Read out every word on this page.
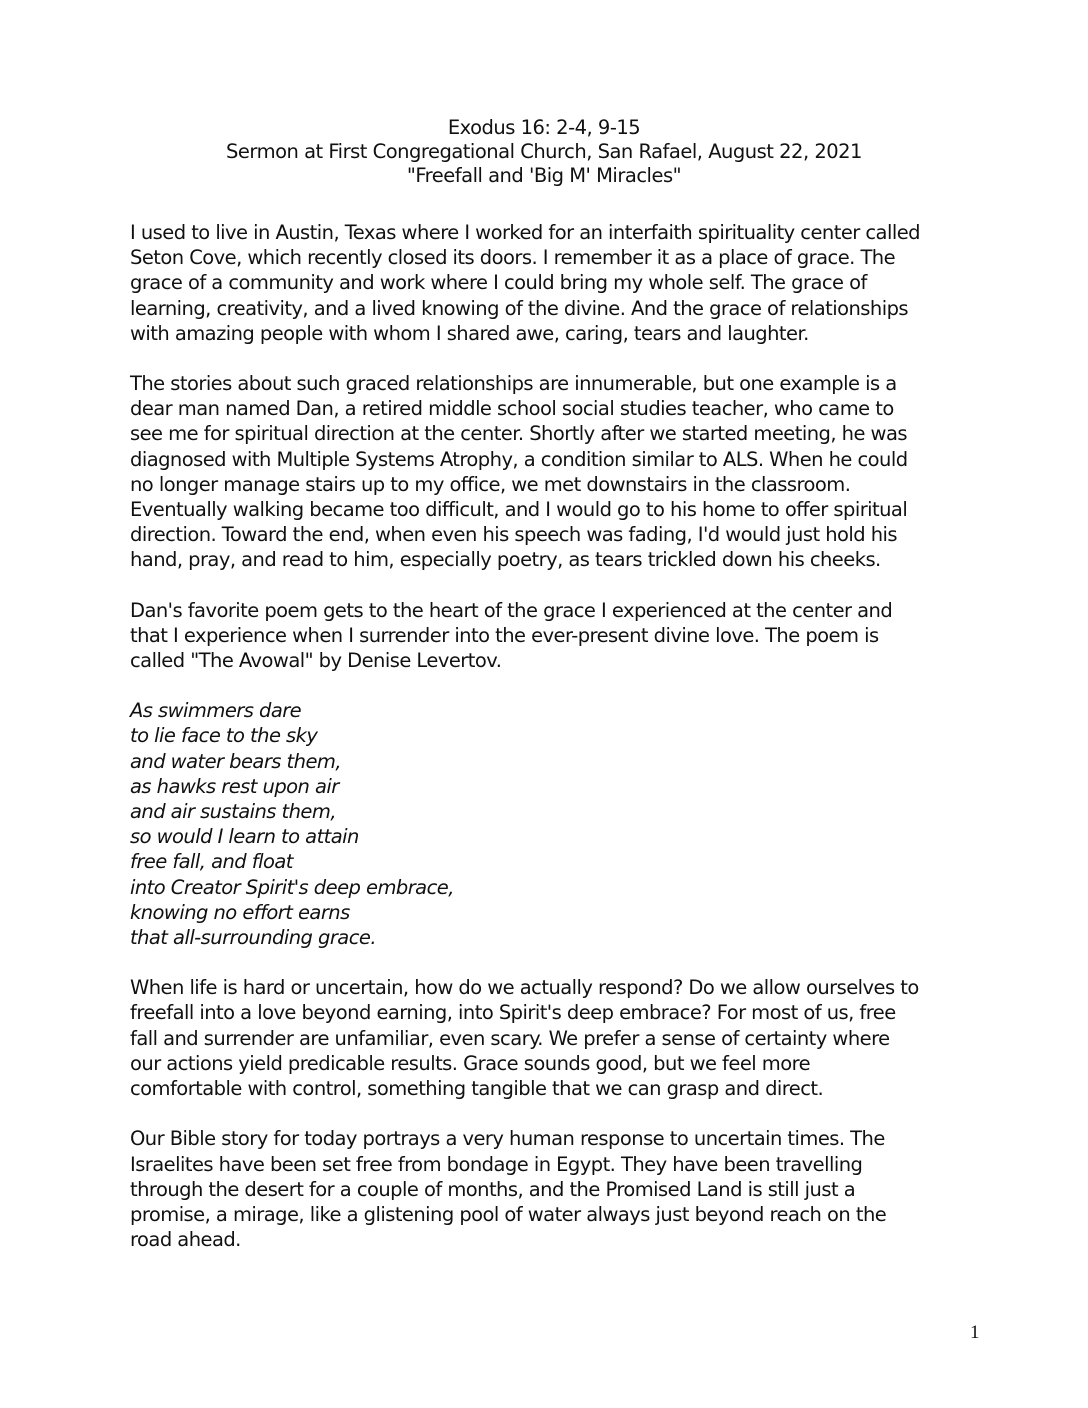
Exodus 16: 2-4, 9-15
Sermon at First Congregational Church, San Rafael, August 22, 2021
"Freefall and 'Big M' Miracles"

I used to live in Austin, Texas where I worked for an interfaith spirituality center called
Seton Cove, which recently closed its doors. I remember it as a place of grace. The
grace of a community and work where I could bring my whole self. The grace of
learning, creativity, and a lived knowing of the divine. And the grace of relationships
with amazing people with whom I shared awe, caring, tears and laughter.

The stories about such graced relationships are innumerable, but one example is a
dear man named Dan, a retired middle school social studies teacher, who came to
see me for spiritual direction at the center. Shortly after we started meeting, he was
diagnosed with Multiple Systems Atrophy, a condition similar to ALS. When he could
no longer manage stairs up to my office, we met downstairs in the classroom.
Eventually walking became too difficult, and I would go to his home to offer spiritual
direction. Toward the end, when even his speech was fading, I'd would just hold his
hand, pray, and read to him, especially poetry, as tears trickled down his cheeks.

Dan's favorite poem gets to the heart of the grace I experienced at the center and
that I experience when I surrender into the ever-present divine love. The poem is
called "The Avowal" by Denise Levertov.

As swimmers dare
to lie face to the sky
and water bears them,
as hawks rest upon air
and air sustains them,
so would I learn to attain
free fall, and float
into Creator Spirit's deep embrace,
knowing no effort earns
that all-surrounding grace.

When life is hard or uncertain, how do we actually respond? Do we allow ourselves to
freefall into a love beyond earning, into Spirit's deep embrace? For most of us, free
fall and surrender are unfamiliar, even scary. We prefer a sense of certainty where
our actions yield predicable results. Grace sounds good, but we feel more
comfortable with control, something tangible that we can grasp and direct.

Our Bible story for today portrays a very human response to uncertain times. The
Israelites have been set free from bondage in Egypt. They have been travelling
through the desert for a couple of months, and the Promised Land is still just a
promise, a mirage, like a glistening pool of water always just beyond reach on the
road ahead.

1
